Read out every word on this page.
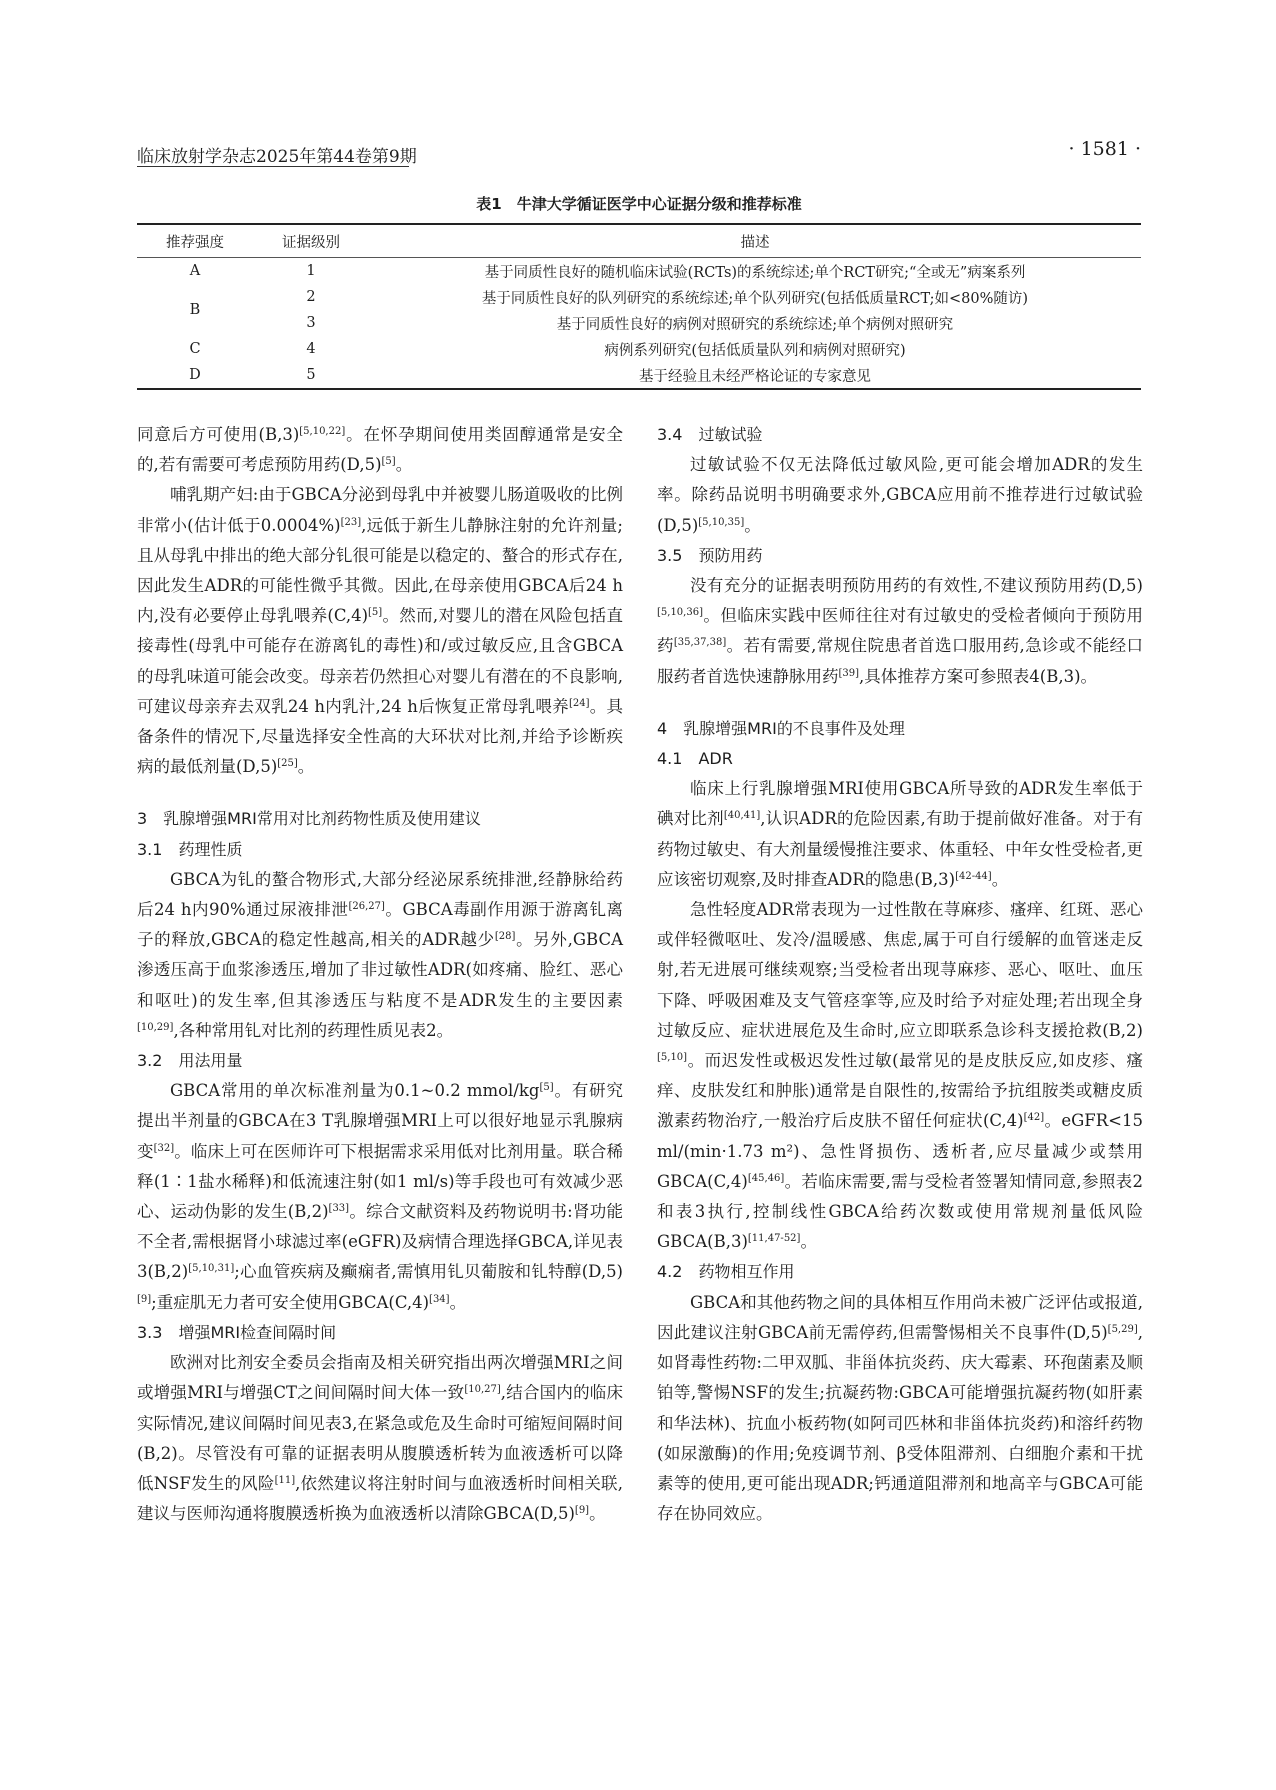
临床放射学杂志2025年第44卷第9期	· 1581 ·
表1　牛津大学循证医学中心证据分级和推荐标准
推荐强度	证据级别	描述
A	1	基于同质性良好的随机临床试验(RCTs)的系统综述;单个RCT研究;“全或无”病案系列
B	2	基于同质性良好的队列研究的系统综述;单个队列研究(包括低质量RCT;如<80%随访)
	3	基于同质性良好的病例对照研究的系统综述;单个病例对照研究
C	4	病例系列研究(包括低质量队列和病例对照研究)
D	5	基于经验且未经严格论证的专家意见

同意后方可使用(B,3)[5,10,22]。在怀孕期间使用类固醇通常是安全的,若有需要可考虑预防用药(D,5)[5]。

哺乳期产妇:由于GBCA分泌到母乳中并被婴儿肠道吸收的比例非常小(估计低于0.0004%)[23],远低于新生儿静脉注射的允许剂量;且从母乳中排出的绝大部分钆很可能是以稳定的、螯合的形式存在,因此发生ADR的可能性微乎其微。因此,在母亲使用GBCA后24 h内,没有必要停止母乳喂养(C,4)[5]。然而,对婴儿的潜在风险包括直接毒性(母乳中可能存在游离钆的毒性)和/或过敏反应,且含GBCA的母乳味道可能会改变。母亲若仍然担心对婴儿有潜在的不良影响,可建议母亲弃去双乳24 h内乳汁,24 h后恢复正常母乳喂养[24]。具备条件的情况下,尽量选择安全性高的大环状对比剂,并给予诊断疾病的最低剂量(D,5)[25]。

3　乳腺增强MRI常用对比剂药物性质及使用建议

3.1　药理性质

GBCA为钆的螯合物形式,大部分经泌尿系统排泄,经静脉给药后24 h内90%通过尿液排泄[26,27]。GBCA毒副作用源于游离钆离子的释放,GBCA的稳定性越高,相关的ADR越少[28]。另外,GBCA渗透压高于血浆渗透压,增加了非过敏性ADR(如疼痛、脸红、恶心和呕吐)的发生率,但其渗透压与粘度不是ADR发生的主要因素[10,29],各种常用钆对比剂的药理性质见表2。

3.2　用法用量

GBCA常用的单次标准剂量为0.1~0.2 mmol/kg[5]。有研究提出半剂量的GBCA在3 T乳腺增强MRI上可以很好地显示乳腺病变[32]。临床上可在医师许可下根据需求采用低对比剂用量。联合稀释(1∶1盐水稀释)和低流速注射(如1 ml/s)等手段也可有效减少恶心、运动伪影的发生(B,2)[33]。综合文献资料及药物说明书:肾功能不全者,需根据肾小球滤过率(eGFR)及病情合理选择GBCA,详见表3(B,2)[5,10,31];心血管疾病及癫痫者,需慎用钆贝葡胺和钆特醇(D,5)[9];重症肌无力者可安全使用GBCA(C,4)[34]。

3.3　增强MRI检查间隔时间

欧洲对比剂安全委员会指南及相关研究指出两次增强MRI之间或增强MRI与增强CT之间间隔时间大体一致[10,27],结合国内的临床实际情况,建议间隔时间见表3,在紧急或危及生命时可缩短间隔时间(B,2)。尽管没有可靠的证据表明从腹膜透析转为血液透析可以降低NSF发生的风险[11],依然建议将注射时间与血液透析时间相关联,建议与医师沟通将腹膜透析换为血液透析以清除GBCA(D,5)[9]。

3.4　过敏试验

过敏试验不仅无法降低过敏风险,更可能会增加ADR的发生率。除药品说明书明确要求外,GBCA应用前不推荐进行过敏试验(D,5)[5,10,35]。

3.5　预防用药

没有充分的证据表明预防用药的有效性,不建议预防用药(D,5)[5,10,36]。但临床实践中医师往往对有过敏史的受检者倾向于预防用药[35,37,38]。若有需要,常规住院患者首选口服用药,急诊或不能经口服药者首选快速静脉用药[39],具体推荐方案可参照表4(B,3)。

4　乳腺增强MRI的不良事件及处理

4.1　ADR

临床上行乳腺增强MRI使用GBCA所导致的ADR发生率低于碘对比剂[40,41],认识ADR的危险因素,有助于提前做好准备。对于有药物过敏史、有大剂量缓慢推注要求、体重轻、中年女性受检者,更应该密切观察,及时排查ADR的隐患(B,3)[42-44]。

急性轻度ADR常表现为一过性散在荨麻疹、瘙痒、红斑、恶心或伴轻微呕吐、发冷/温暖感、焦虑,属于可自行缓解的血管迷走反射,若无进展可继续观察;当受检者出现荨麻疹、恶心、呕吐、血压下降、呼吸困难及支气管痉挛等,应及时给予对症处理;若出现全身过敏反应、症状进展危及生命时,应立即联系急诊科支援抢救(B,2)[5,10]。而迟发性或极迟发性过敏(最常见的是皮肤反应,如皮疹、瘙痒、皮肤发红和肿胀)通常是自限性的,按需给予抗组胺类或糖皮质激素药物治疗,一般治疗后皮肤不留任何症状(C,4)[42]。eGFR<15 ml/(min·1.73 m²)、急性肾损伤、透析者,应尽量减少或禁用GBCA(C,4)[45,46]。若临床需要,需与受检者签署知情同意,参照表2和表3执行,控制线性GBCA给药次数或使用常规剂量低风险GBCA(B,3)[11,47-52]。

4.2　药物相互作用

GBCA和其他药物之间的具体相互作用尚未被广泛评估或报道,因此建议注射GBCA前无需停药,但需警惕相关不良事件(D,5)[5,29],如肾毒性药物:二甲双胍、非甾体抗炎药、庆大霉素、环孢菌素及顺铂等,警惕NSF的发生;抗凝药物:GBCA可能增强抗凝药物(如肝素和华法林)、抗血小板药物(如阿司匹林和非甾体抗炎药)和溶纤药物(如尿激酶)的作用;免疫调节剂、β受体阻滞剂、白细胞介素和干扰素等的使用,更可能出现ADR;钙通道阻滞剂和地高辛与GBCA可能存在协同效应。
